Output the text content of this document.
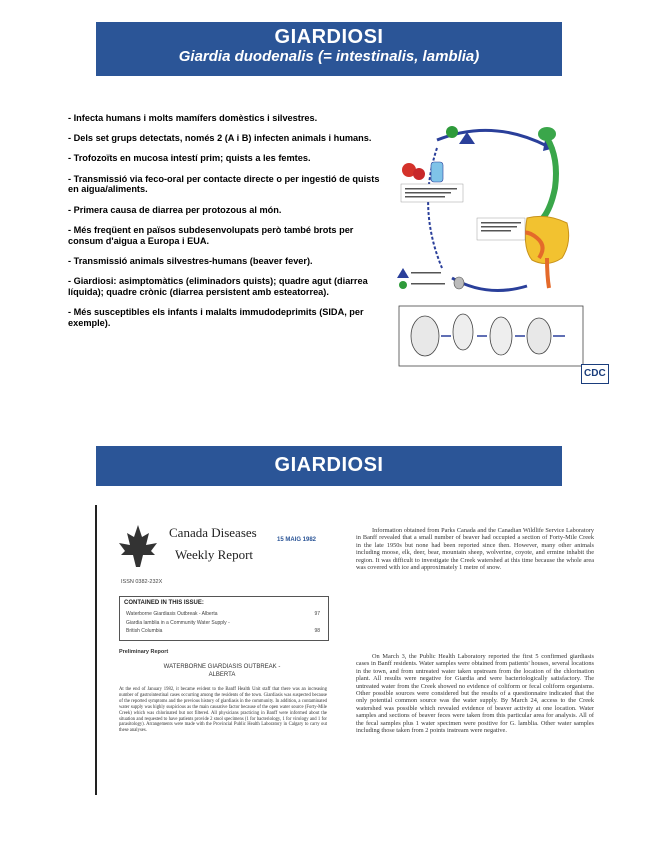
GIARDIOSI
Giardia duodenalis (= intestinalis, lamblia)
- Infecta humans i molts mamífers domèstics i silvestres.
- Dels set grups detectats, només 2 (A i B) infecten animals i humans.
- Trofozoïts en mucosa intestí prim; quists a les femtes.
- Transmissió via feco-oral per contacte directe o per ingestió de quists en aigua/aliments.
- Primera causa de diarrea per protozous al món.
- Més freqüent en països subdesenvolupats però també brots per consum d'aigua a Europa i EUA.
- Transmissió animals silvestres-humans (beaver fever).
- Giardiosi: asimptomàtics (eliminadors quists); quadre agut (diarrea líquida); quadre crònic (diarrea persistent amb esteatorrea).
- Més susceptibles els infants i malalts immudodeprimits (SIDA, per exemple).
CDC
GIARDIOSI
Canada Diseases
Weekly Report
15 MAIG 1982
ISSN 0382-232X
CONTAINED IN THIS ISSUE:
Waterborne Giardiasis Outbreak - Alberta	97
Giardia lamblia in a Community Water Supply -
British Columbia	98
Preliminary Report
WATERBORNE GIARDIASIS OUTBREAK -
ALBERTA
At the end of January 1982, it became evident to the Banff Health Unit staff that there was an increasing number of gastrointestinal cases occurring among the residents of the town. Giardiasis was suspected because of the reported symptoms and the previous history of giardiasis in the community. In addition, a contaminated water supply was highly suspicious as the main causative factor because of the open water source (Forty-Mile Creek) which was chlorinated but not filtered. All physicians practicing in Banff were informed about the situation and requested to have patients provide 2 stool specimens (1 for bacteriology, 1 for virology and 1 for parasitology). Arrangements were made with the Provincial Public Health Laboratory in Calgary to carry out these analyses.
Information obtained from Parks Canada and the Canadian Wildlife Service Laboratory in Banff revealed that a small number of beaver had occupied a section of Forty-Mile Creek in the late 1950s but none had been reported since then. However, many other animals including moose, elk, deer, bear, mountain sheep, wolverine, coyote, and ermine inhabit the region. It was difficult to investigate the Creek watershed at this time because the whole area was covered with ice and approximately 1 metre of snow.
On March 3, the Public Health Laboratory reported the first 5 confirmed giardiasis cases in Banff residents. Water samples were obtained from patients' houses, several locations in the town, and from untreated water taken upstream from the location of the chlorination plant. All results were negative for Giardia and were bacteriologically satisfactory. The untreated water from the Creek showed no evidence of coliform or fecal coliform organisms. Other possible sources were considered but the results of a questionnaire indicated that the only potential common source was the water supply. By March 24, access to the Creek watershed was possible which revealed evidence of beaver activity at one location. Water samples and sections of beaver feces were taken from this particular area for analysis. All of the fecal samples plus 1 water specimen were positive for G. lamblia. Other water samples including those taken from 2 points instream were negative.
